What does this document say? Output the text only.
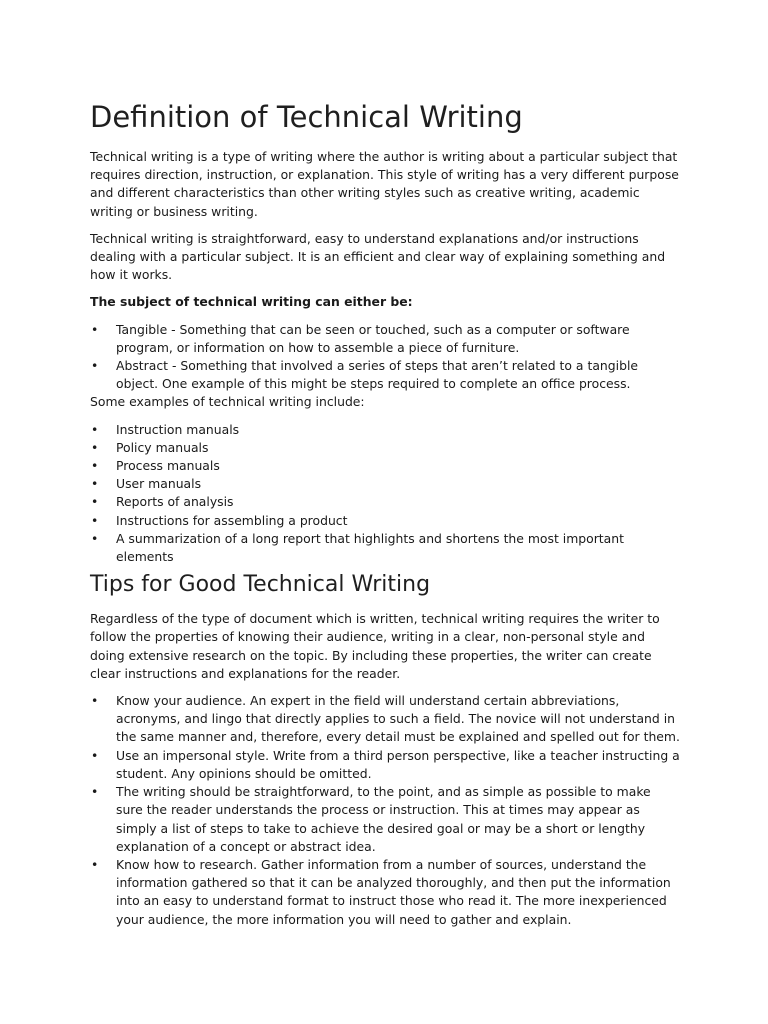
Definition of Technical Writing

Technical writing is a type of writing where the author is writing about a particular subject that requires direction, instruction, or explanation. This style of writing has a very different purpose and different characteristics than other writing styles such as creative writing, academic writing or business writing.

Technical writing is straightforward, easy to understand explanations and/or instructions dealing with a particular subject. It is an efficient and clear way of explaining something and how it works.

The subject of technical writing can either be:

• Tangible - Something that can be seen or touched, such as a computer or software program, or information on how to assemble a piece of furniture.
• Abstract - Something that involved a series of steps that aren’t related to a tangible object. One example of this might be steps required to complete an office process.

Some examples of technical writing include:

• Instruction manuals
• Policy manuals
• Process manuals
• User manuals
• Reports of analysis
• Instructions for assembling a product
• A summarization of a long report that highlights and shortens the most important elements
Tips for Good Technical Writing

Regardless of the type of document which is written, technical writing requires the writer to follow the properties of knowing their audience, writing in a clear, non-personal style and doing extensive research on the topic. By including these properties, the writer can create clear instructions and explanations for the reader.

• Know your audience. An expert in the field will understand certain abbreviations, acronyms, and lingo that directly applies to such a field. The novice will not understand in the same manner and, therefore, every detail must be explained and spelled out for them.
• Use an impersonal style. Write from a third person perspective, like a teacher instructing a student. Any opinions should be omitted.
• The writing should be straightforward, to the point, and as simple as possible to make sure the reader understands the process or instruction. This at times may appear as simply a list of steps to take to achieve the desired goal or may be a short or lengthy explanation of a concept or abstract idea.
• Know how to research. Gather information from a number of sources, understand the information gathered so that it can be analyzed thoroughly, and then put the information into an easy to understand format to instruct those who read it. The more inexperienced your audience, the more information you will need to gather and explain.
